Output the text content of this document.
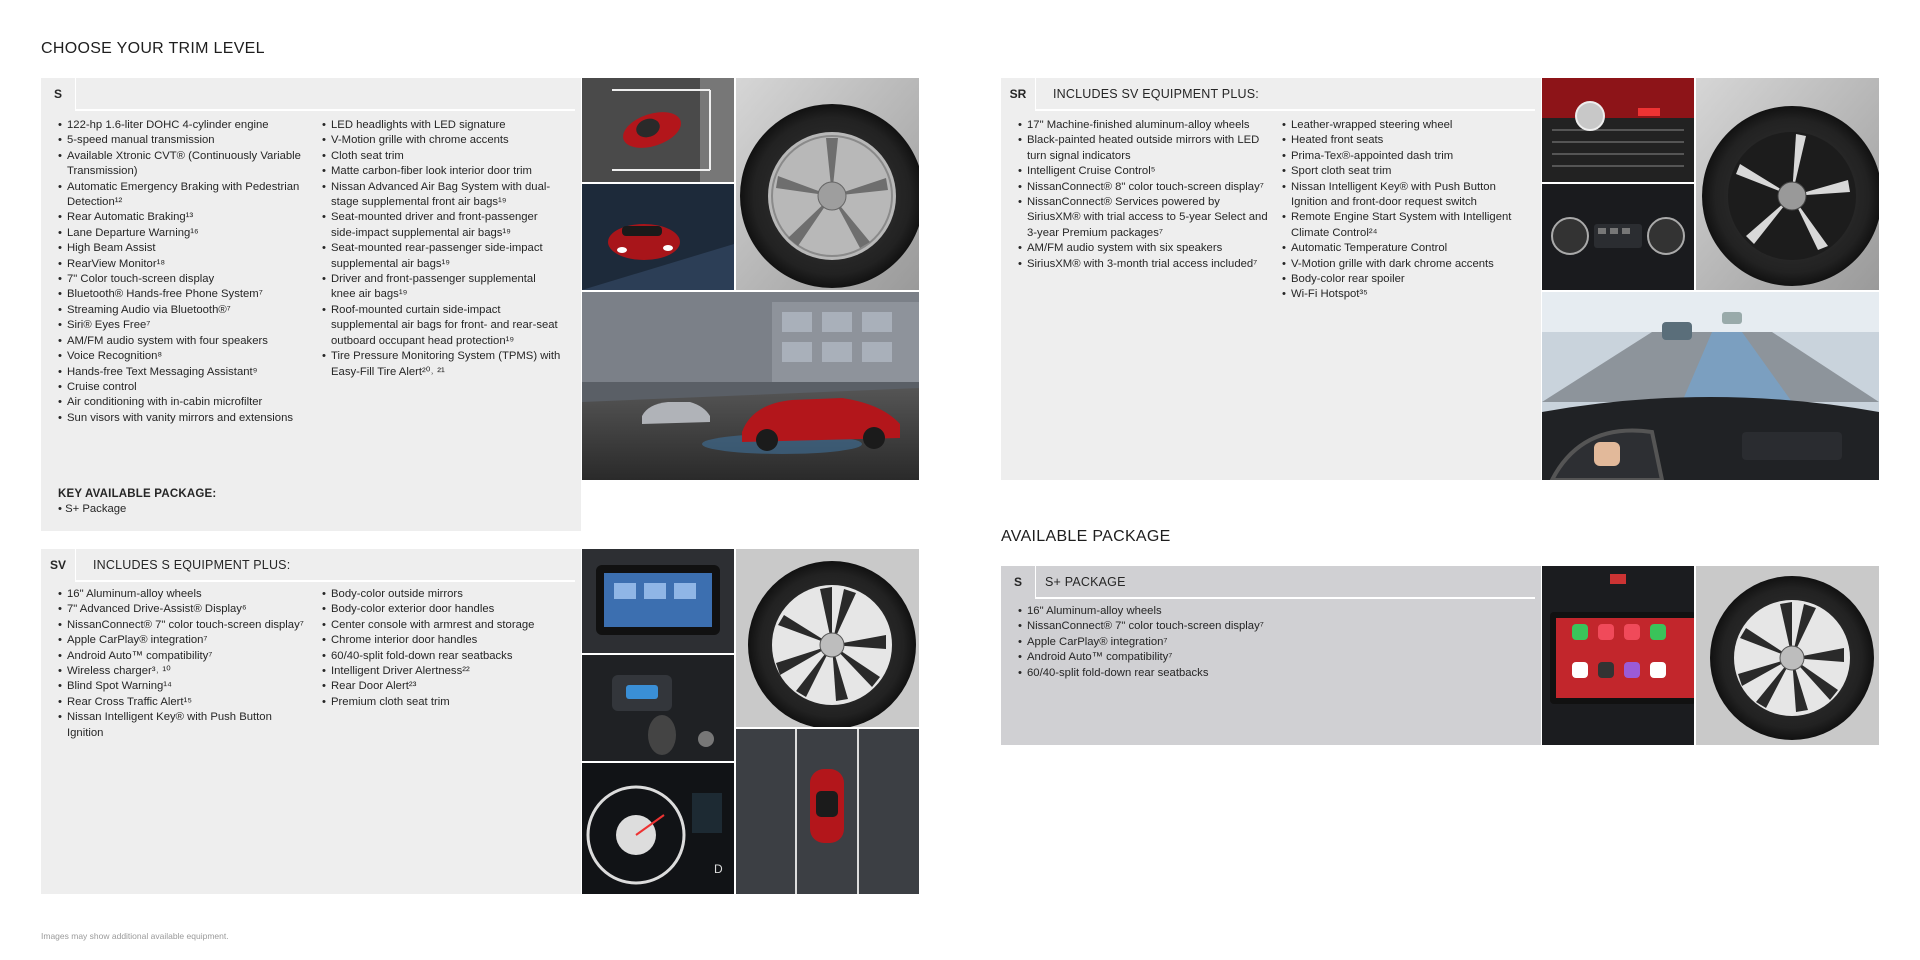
CHOOSE YOUR TRIM LEVEL
S
• 122-hp 1.6-liter DOHC 4-cylinder engine
• 5-speed manual transmission
• Available Xtronic CVT® (Continuously Variable Transmission)
• Automatic Emergency Braking with Pedestrian Detection¹²
• Rear Automatic Braking¹³
• Lane Departure Warning¹⁶
• High Beam Assist
• RearView Monitor¹⁸
• 7" Color touch-screen display
• Bluetooth® Hands-free Phone System⁷
• Streaming Audio via Bluetooth®⁷
• Siri® Eyes Free⁷
• AM/FM audio system with four speakers
• Voice Recognition⁸
• Hands-free Text Messaging Assistant⁹
• Cruise control
• Air conditioning with in-cabin microfilter
• Sun visors with vanity mirrors and extensions
• LED headlights with LED signature
• V-Motion grille with chrome accents
• Cloth seat trim
• Matte carbon-fiber look interior door trim
• Nissan Advanced Air Bag System with dual-stage supplemental front air bags¹⁹
• Seat-mounted driver and front-passenger side-impact supplemental air bags¹⁹
• Seat-mounted rear-passenger side-impact supplemental air bags¹⁹
• Driver and front-passenger supplemental knee air bags¹⁹
• Roof-mounted curtain side-impact supplemental air bags for front- and rear-seat outboard occupant head protection¹⁹
• Tire Pressure Monitoring System (TPMS) with Easy-Fill Tire Alert²⁰˒ ²¹
KEY AVAILABLE PACKAGE:
• S+ Package
SV	INCLUDES S EQUIPMENT PLUS:
• 16" Aluminum-alloy wheels
• 7" Advanced Drive-Assist® Display⁶
• NissanConnect® 7" color touch-screen display⁷
• Apple CarPlay® integration⁷
• Android Auto™ compatibility⁷
• Wireless charger³˒ ¹⁰
• Blind Spot Warning¹⁴
• Rear Cross Traffic Alert¹⁵
• Nissan Intelligent Key® with Push Button Ignition
• Body-color outside mirrors
• Body-color exterior door handles
• Center console with armrest and storage
• Chrome interior door handles
• 60/40-split fold-down rear seatbacks
• Intelligent Driver Alertness²²
• Rear Door Alert²³
• Premium cloth seat trim
D
SR	INCLUDES SV EQUIPMENT PLUS:
• 17" Machine-finished aluminum-alloy wheels
• Black-painted heated outside mirrors with LED turn signal indicators
• Intelligent Cruise Control⁵
• NissanConnect® 8" color touch-screen display⁷
• NissanConnect® Services powered by SiriusXM® with trial access to 5-year Select and 3-year Premium packages⁷
• AM/FM audio system with six speakers
• SiriusXM® with 3-month trial access included⁷
• Leather-wrapped steering wheel
• Heated front seats
• Prima-Tex®-appointed dash trim
• Sport cloth seat trim
• Nissan Intelligent Key® with Push Button Ignition and front-door request switch
• Remote Engine Start System with Intelligent Climate Control²⁴
• Automatic Temperature Control
• V-Motion grille with dark chrome accents
• Body-color rear spoiler
• Wi-Fi Hotspot³⁵
AVAILABLE PACKAGE
S	S+ PACKAGE
• 16" Aluminum-alloy wheels
• NissanConnect® 7" color touch-screen display⁷
• Apple CarPlay® integration⁷
• Android Auto™ compatibility⁷
• 60/40-split fold-down rear seatbacks
Images may show additional available equipment.
